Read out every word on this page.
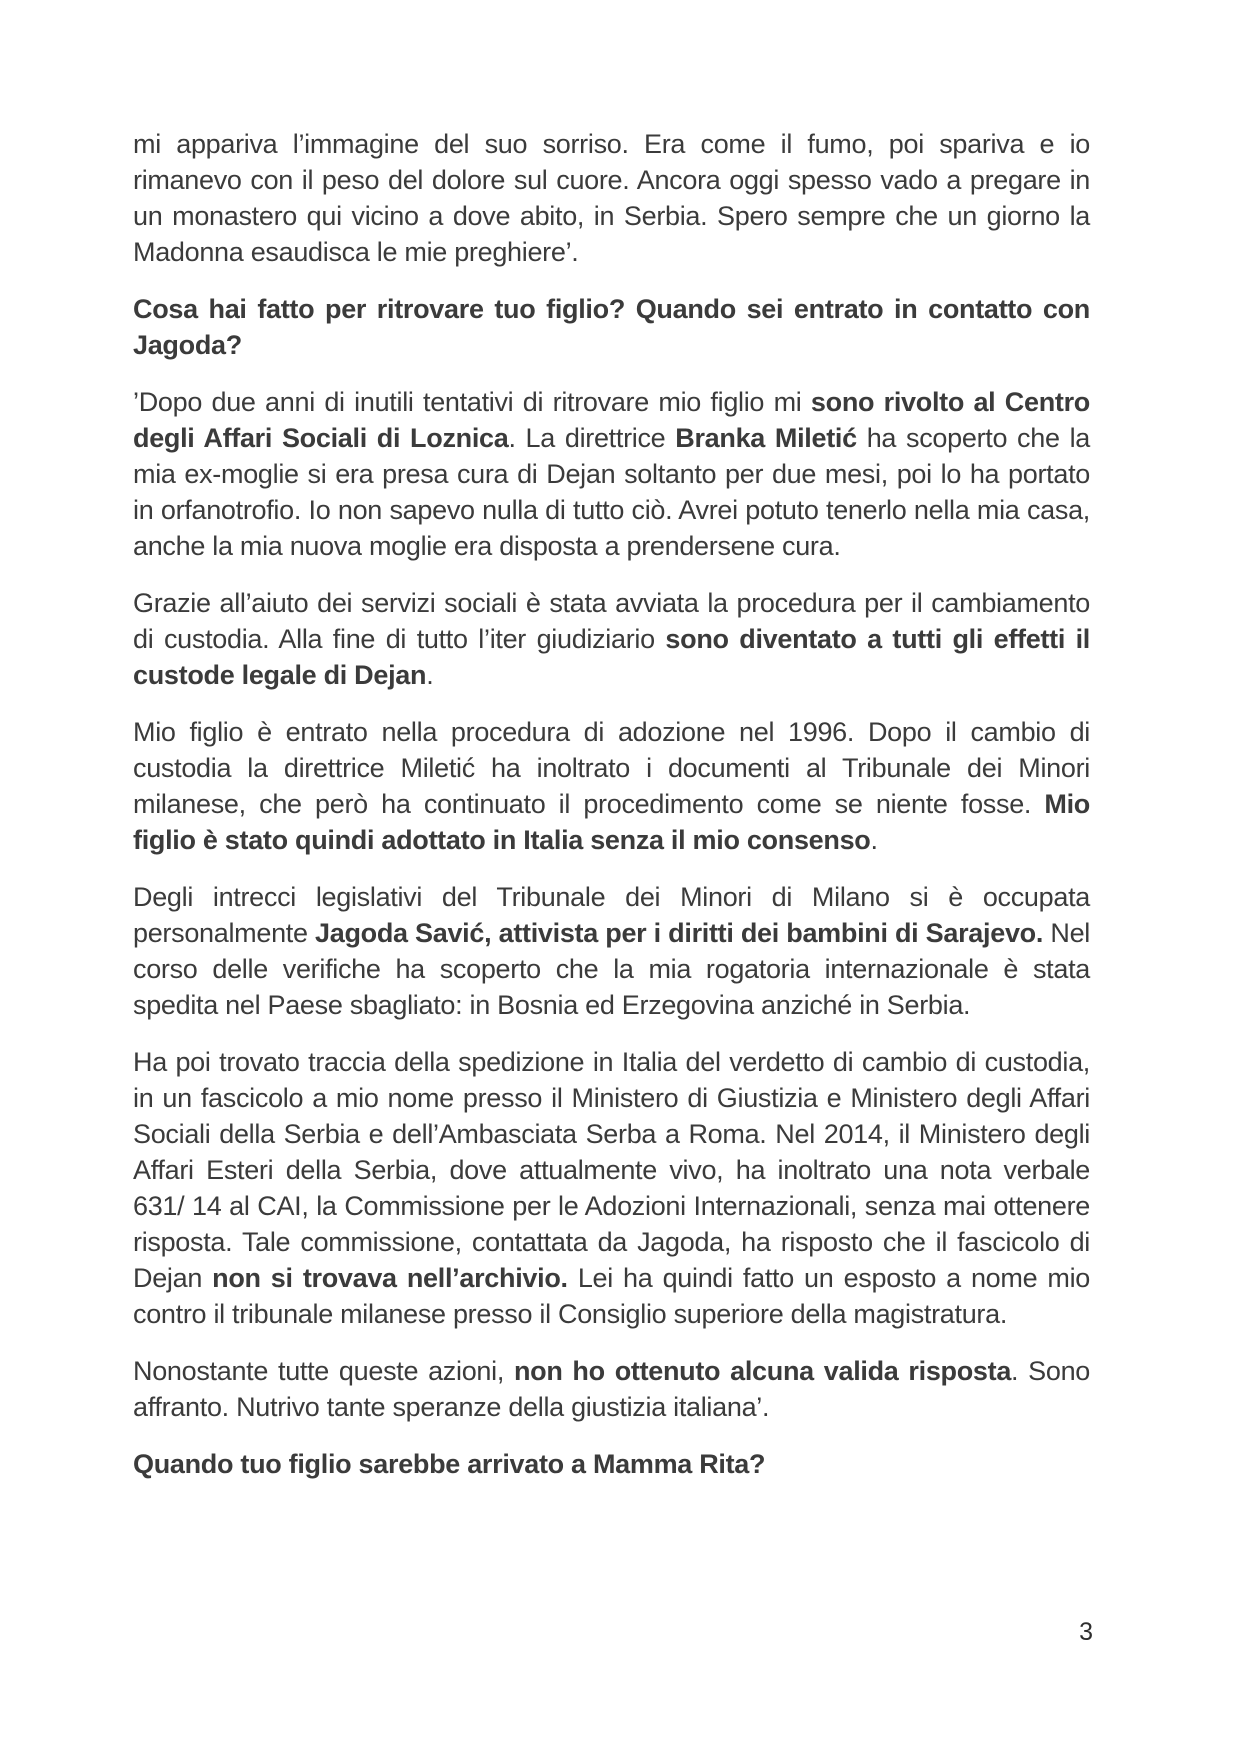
mi appariva l’immagine del suo sorriso. Era come il fumo, poi spariva e io rimanevo con il peso del dolore sul cuore. Ancora oggi spesso vado a pregare in un monastero qui vicino a dove abito, in Serbia. Spero sempre che un giorno la Madonna esaudisca le mie preghiere’.

Cosa hai fatto per ritrovare tuo figlio? Quando sei entrato in contatto con Jagoda?

’Dopo due anni di inutili tentativi di ritrovare mio figlio mi sono rivolto al Centro degli Affari Sociali di Loznica. La direttrice Branka Miletić ha scoperto che la mia ex-moglie si era presa cura di Dejan soltanto per due mesi, poi lo ha portato in orfanotrofio. Io non sapevo nulla di tutto ciò. Avrei potuto tenerlo nella mia casa, anche la mia nuova moglie era disposta a prendersene cura.

Grazie all’aiuto dei servizi sociali è stata avviata la procedura per il cambiamento di custodia. Alla fine di tutto l’iter giudiziario sono diventato a tutti gli effetti il custode legale di Dejan.

Mio figlio è entrato nella procedura di adozione nel 1996. Dopo il cambio di custodia la direttrice Miletić ha inoltrato i documenti al Tribunale dei Minori milanese, che però ha continuato il procedimento come se niente fosse. Mio figlio è stato quindi adottato in Italia senza il mio consenso.

Degli intrecci legislativi del Tribunale dei Minori di Milano si è occupata personalmente Jagoda Savić, attivista per i diritti dei bambini di Sarajevo. Nel corso delle verifiche ha scoperto che la mia rogatoria internazionale è stata spedita nel Paese sbagliato: in Bosnia ed Erzegovina anziché in Serbia.

Ha poi trovato traccia della spedizione in Italia del verdetto di cambio di custodia, in un fascicolo a mio nome presso il Ministero di Giustizia e Ministero degli Affari Sociali della Serbia e dell’Ambasciata Serba a Roma. Nel 2014, il Ministero degli Affari Esteri della Serbia, dove attualmente vivo, ha inoltrato una nota verbale 631/ 14 al CAI, la Commissione per le Adozioni Internazionali, senza mai ottenere risposta. Tale commissione, contattata da Jagoda, ha risposto che il fascicolo di Dejan non si trovava nell’archivio. Lei ha quindi fatto un esposto a nome mio contro il tribunale milanese presso il Consiglio superiore della magistratura.

Nonostante tutte queste azioni, non ho ottenuto alcuna valida risposta. Sono affranto. Nutrivo tante speranze della giustizia italiana’.

Quando tuo figlio sarebbe arrivato a Mamma Rita?

3
